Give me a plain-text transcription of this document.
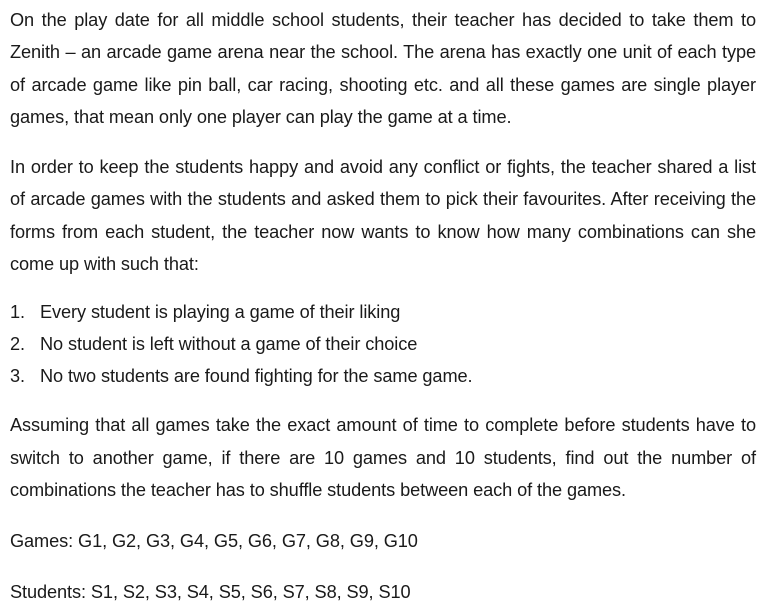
On the play date for all middle school students, their teacher has decided to take them to Zenith – an arcade game arena near the school. The arena has exactly one unit of each type of arcade game like pin ball, car racing, shooting etc. and all these games are single player games, that mean only one player can play the game at a time.

In order to keep the students happy and avoid any conflict or fights, the teacher shared a list of arcade games with the students and asked them to pick their favourites. After receiving the forms from each student, the teacher now wants to know how many combinations can she come up with such that:

1. Every student is playing a game of their liking
2. No student is left without a game of their choice
3. No two students are found fighting for the same game.

Assuming that all games take the exact amount of time to complete before students have to switch to another game, if there are 10 games and 10 students, find out the number of combinations the teacher has to shuffle students between each of the games.

Games: G1, G2, G3, G4, G5, G6, G7, G8, G9, G10

Students: S1, S2, S3, S4, S5, S6, S7, S8, S9, S10
